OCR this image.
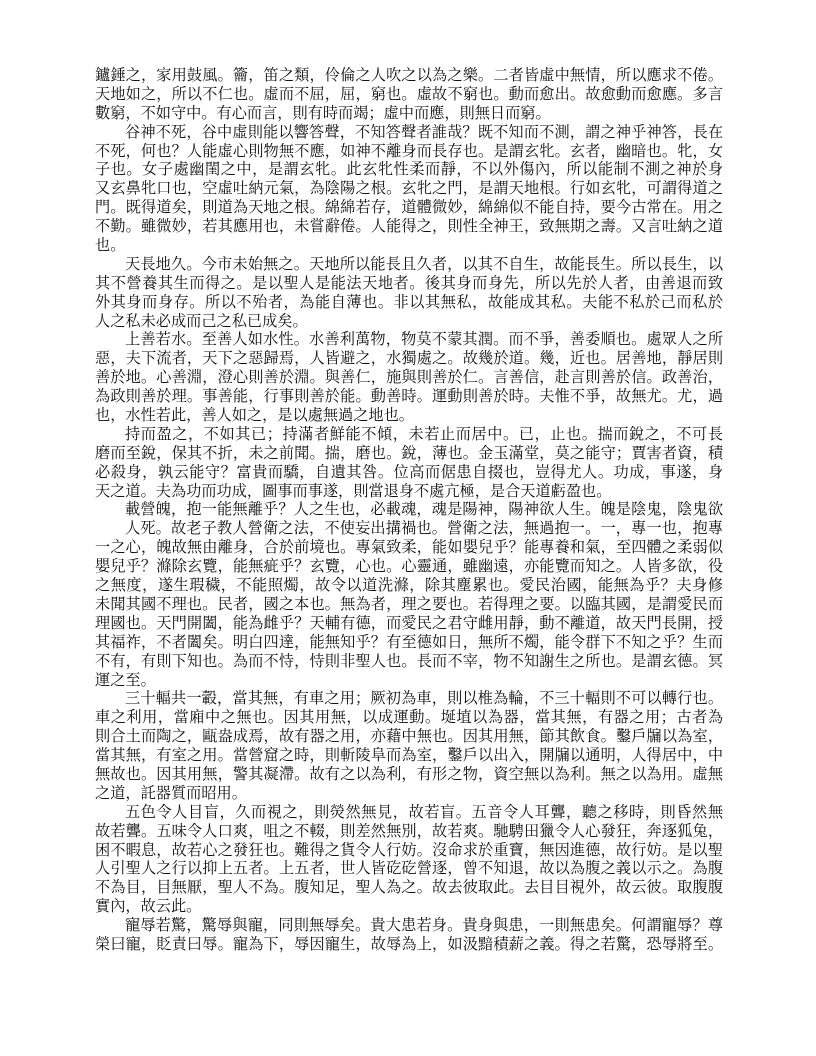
鑪錘之，家用鼓風。籥，笛之類，伶倫之人吹之以為之樂。二者皆虛中無情，所以應求不倦。
天地如之，所以不仁也。虛而不屈，屈，窮也。虛故不窮也。動而愈出。故愈動而愈應。多言
數窮，不如守中。有心而言，則有時而竭；虛中而應，則無日而窮。
谷神不死，谷中虛則能以響答聲，不知答聲者誰哉？既不知而不測，謂之神乎神答，長在
不死，何也？人能虛心則物無不應，如神不離身而長存也。是謂玄牝。玄者，幽暗也。牝，女
子也。女子處幽閨之中，是謂玄牝。此玄牝性柔而靜，不以外傷內，所以能制不測之神於身
又玄鼻牝口也，空虛吐納元氣，為陰陽之根。玄牝之門，是謂天地根。行如玄牝，可謂得道之
門。既得道矣，則道為天地之根。綿綿若存，道體微妙，綿綿似不能自持，要今古常在。用之
不勤。雖微妙，若其應用也，未嘗辭倦。人能得之，則性全神王，致無期之壽。又言吐納之道
也。
天長地久。今市未始無之。天地所以能長且久者，以其不自生，故能長生。所以長生，以
其不營養其生而得之。是以聖人是能法天地者。後其身而身先，所以先於人者，由善退而致
外其身而身存。所以不殆者，為能自薄也。非以其無私，故能成其私。夫能不私於己而私於
人之私未必成而己之私已成矣。
上善若水。至善人如水性。水善利萬物，物莫不蒙其潤。而不爭，善委順也。處眾人之所
惡，夫下流者，天下之惡歸焉，人皆避之，水獨處之。故幾於道。幾，近也。居善地，靜居則
善於地。心善淵，澄心則善於淵。與善仁，施與則善於仁。言善信，赴言則善於信。政善治，
為政則善於理。事善能，行事則善於能。動善時。運動則善於時。夫惟不爭，故無尤。尤，過
也，水性若此，善人如之，是以處無過之地也。
持而盈之，不如其已；持滿者鮮能不傾，未若止而居中。已，止也。揣而銳之，不可長
磨而至銳，保其不折，未之前聞。揣，磨也。銳，薄也。金玉滿堂，莫之能守；賈害者資，積
必殺身，孰云能守？富貴而驕，自遺其咎。位高而倨患自掇也，豈得尤人。功成，事遂，身
天之道。夫為功而功成，圖事而事遂，則當退身不處亢極，是合天道虧盈也。
載營魄，抱一能無離乎？人之生也，必載魂，魂是陽神，陽神欲人生。魄是陰鬼，陰鬼欲
人死。故老子教人營衛之法，不使妄出搆禍也。營衛之法，無過抱一。一，專一也，抱專
一之心，魄故無由離身，合於前境也。專氣致柔，能如嬰兒乎？能專養和氣，至四體之柔弱似
嬰兒乎？滌除玄覽，能無疵乎？玄覽，心也。心靈通，雖幽遠，亦能覽而知之。人皆多欲，役
之無度，遂生瑕穢，不能照燭，故令以道洗滌，除其塵累也。愛民治國，能無為乎？夫身修
未聞其國不理也。民者，國之本也。無為者，理之要也。若得理之要。以臨其國，是謂愛民而
理國也。天門開闔，能為雌乎？天輔有德，而愛民之君守雌用靜，動不離道，故天門長開，授
其福祚，不者闔矣。明白四達，能無知乎？有至德如日，無所不燭，能令群下不知之乎？生而
不有，有則下知也。為而不恃，恃則非聖人也。長而不宰，物不知謝生之所也。是謂玄德。冥
運之至。
三十輻共一轂，當其無，有車之用；厥初為車，則以椎為輪，不三十輻則不可以轉行也。
車之利用，當廂中之無也。因其用無，以成運動。埏埴以為器，當其無，有器之用；古者為
則合土而陶之，甌盎成焉，故有器之用，亦藉中無也。因其用無，節其飲食。鑿戶牖以為室，
當其無，有室之用。當營窟之時，則斬陵阜而為室，鑿戶以出入，開牖以通明，人得居中，中
無故也。因其用無，警其凝滯。故有之以為利，有形之物，資空無以為利。無之以為用。虛無
之道，託器質而昭用。
五色令人目盲，久而視之，則熒然無見，故若盲。五音令人耳聾，聽之移時，則昏然無
故若聾。五味令人口爽，咀之不輟，則差然無別，故若爽。馳騁田獵令人心發狂，奔逐狐兔，
困不暇息，故若心之發狂也。難得之貨令人行妨。沒命求於重寶，無因進德，故行妨。是以聖
人引聖人之行以抑上五者。上五者，世人皆矻矻營逐，曾不知退，故以為腹之義以示之。為腹
不為目，目無厭，聖人不為。腹知足，聖人為之。故去彼取此。去目目視外，故云彼。取腹腹
實內，故云此。
寵辱若驚，驚辱與寵，同則無辱矣。貴大患若身。貴身與患，一則無患矣。何謂寵辱？尊
榮曰寵，貶責曰辱。寵為下，辱因寵生，故辱為上，如汲黯積薪之義。得之若驚，恐辱將至。
